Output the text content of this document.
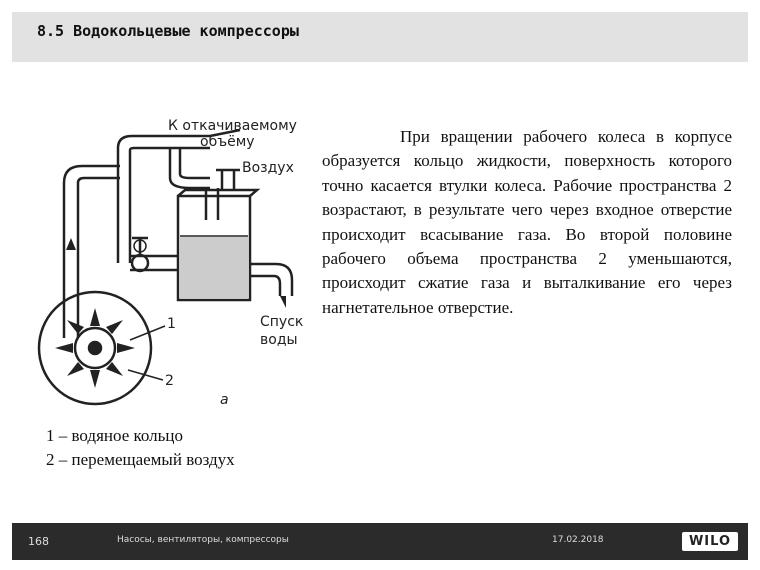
8.5 Водокольцевые компрессоры
К откачиваемому
объёму
Воздух
Спуск
воды
1
2
а
При вращении рабочего колеса в корпусе образуется кольцо жидкости, поверхность которого точно касается втулки колеса. Рабочие пространства 2 возрастают, в результате чего через входное отверстие происходит всасывание газа. Во второй половине рабочего объема пространства 2 уменьшаются, происходит сжатие газа и выталкивание его через нагнетательное отверстие.
1 – водяное кольцо
2 – перемещаемый воздух
168	Насосы, вентиляторы, компрессоры	17.02.2018	WILO
